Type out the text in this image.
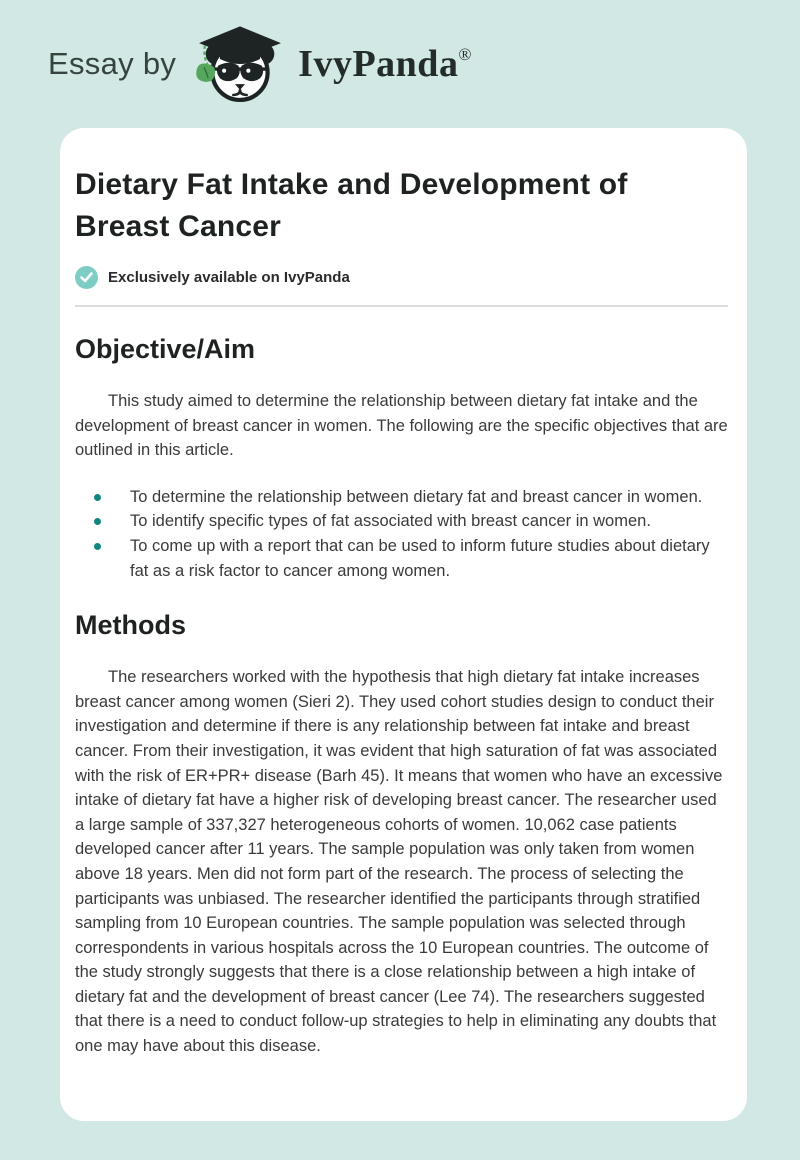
Essay by	IvyPanda®
Dietary Fat Intake and Development of Breast Cancer
Exclusively available on IvyPanda
Objective/Aim

This study aimed to determine the relationship between dietary fat intake and the development of breast cancer in women. The following are the specific objectives that are outlined in this article.

To determine the relationship between dietary fat and breast cancer in women.
To identify specific types of fat associated with breast cancer in women.
To come up with a report that can be used to inform future studies about dietary fat as a risk factor to cancer among women.
Methods

The researchers worked with the hypothesis that high dietary fat intake increases breast cancer among women (Sieri 2). They used cohort studies design to conduct their investigation and determine if there is any relationship between fat intake and breast cancer. From their investigation, it was evident that high saturation of fat was associated with the risk of ER+PR+ disease (Barh 45). It means that women who have an excessive intake of dietary fat have a higher risk of developing breast cancer. The researcher used a large sample of 337,327 heterogeneous cohorts of women. 10,062 case patients developed cancer after 11 years. The sample population was only taken from women above 18 years. Men did not form part of the research. The process of selecting the participants was unbiased. The researcher identified the participants through stratified sampling from 10 European countries. The sample population was selected through correspondents in various hospitals across the 10 European countries. The outcome of the study strongly suggests that there is a close relationship between a high intake of dietary fat and the development of breast cancer (Lee 74). The researchers suggested that there is a need to conduct follow-up strategies to help in eliminating any doubts that one may have about this disease.
